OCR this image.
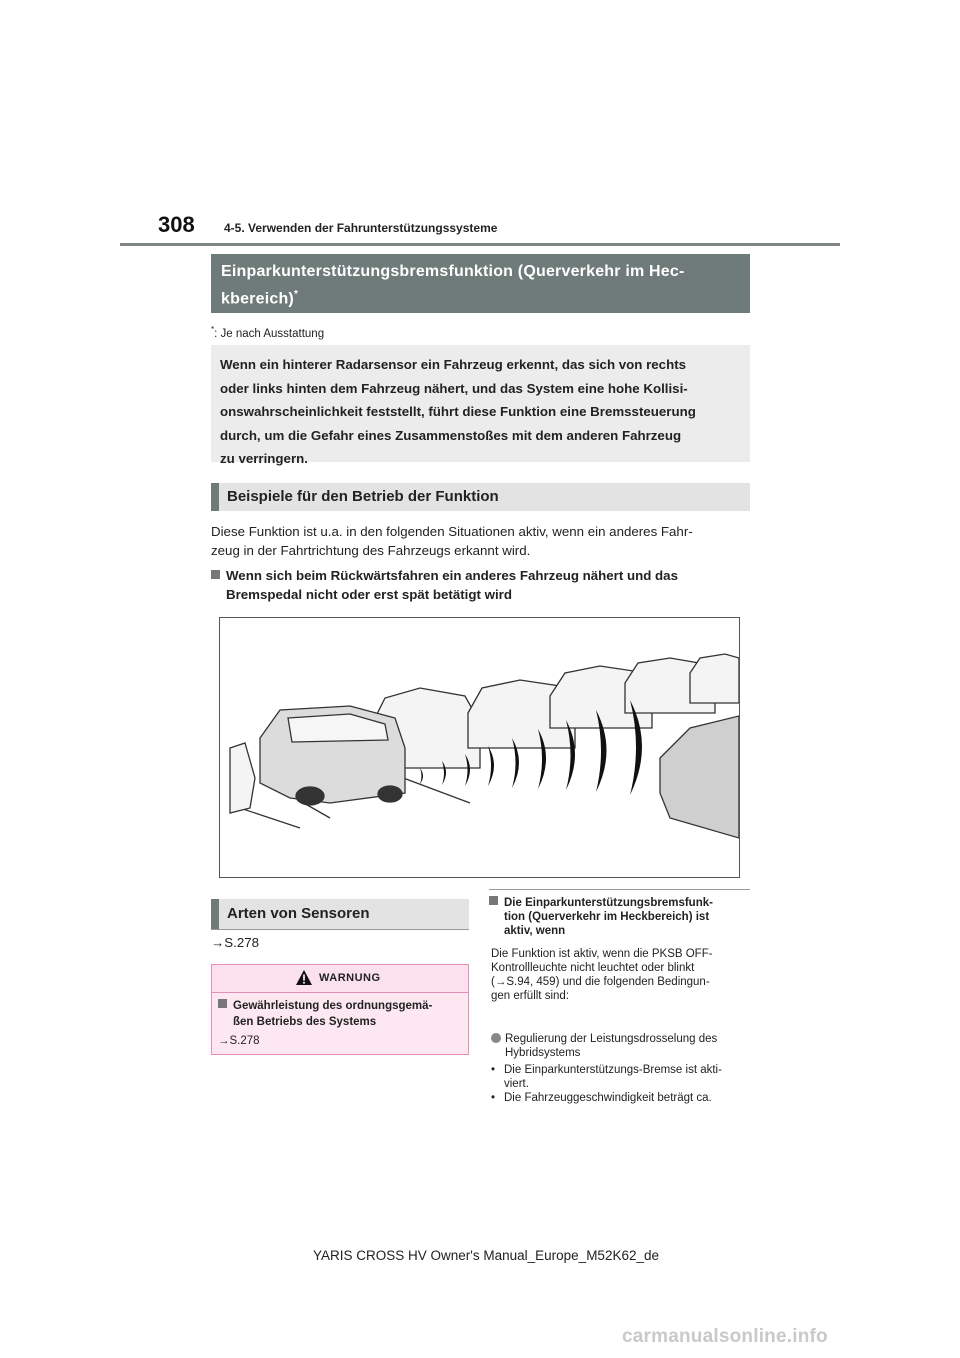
308 4-5. Verwenden der Fahrunterstützungssysteme
Einparkunterstützungsbremsfunktion (Querverkehr im Hec-
kbereich)*
*: Je nach Ausstattung
Wenn ein hinterer Radarsensor ein Fahrzeug erkennt, das sich von rechts
oder links hinten dem Fahrzeug nähert, und das System eine hohe Kollisi-
onswahrscheinlichkeit feststellt, führt diese Funktion eine Bremssteuerung
durch, um die Gefahr eines Zusammenstoßes mit dem anderen Fahrzeug
zu verringern.
Beispiele für den Betrieb der Funktion
Diese Funktion ist u.a. in den folgenden Situationen aktiv, wenn ein anderes Fahr-
zeug in der Fahrtrichtung des Fahrzeugs erkannt wird.
Wenn sich beim Rückwärtsfahren ein anderes Fahrzeug nähert und das
Bremspedal nicht oder erst spät betätigt wird
Arten von Sensoren
→S.278
WARNUNG
Gewährleistung des ordnungsgemä-
ßen Betriebs des Systems
→S.278
Die Einparkunterstützungsbremsfunk-
tion (Querverkehr im Heckbereich) ist
aktiv, wenn
Die Funktion ist aktiv, wenn die PKSB OFF-
Kontrollleuchte nicht leuchtet oder blinkt
(→S.94, 459) und die folgenden Bedingun-
gen erfüllt sind:
Regulierung der Leistungsdrosselung des
Hybridsystems
• Die Einparkunterstützungs-Bremse ist akti-
viert.
• Die Fahrzeuggeschwindigkeit beträgt ca.
YARIS CROSS HV Owner's Manual_Europe_M52K62_de
carmanualsonline.info
